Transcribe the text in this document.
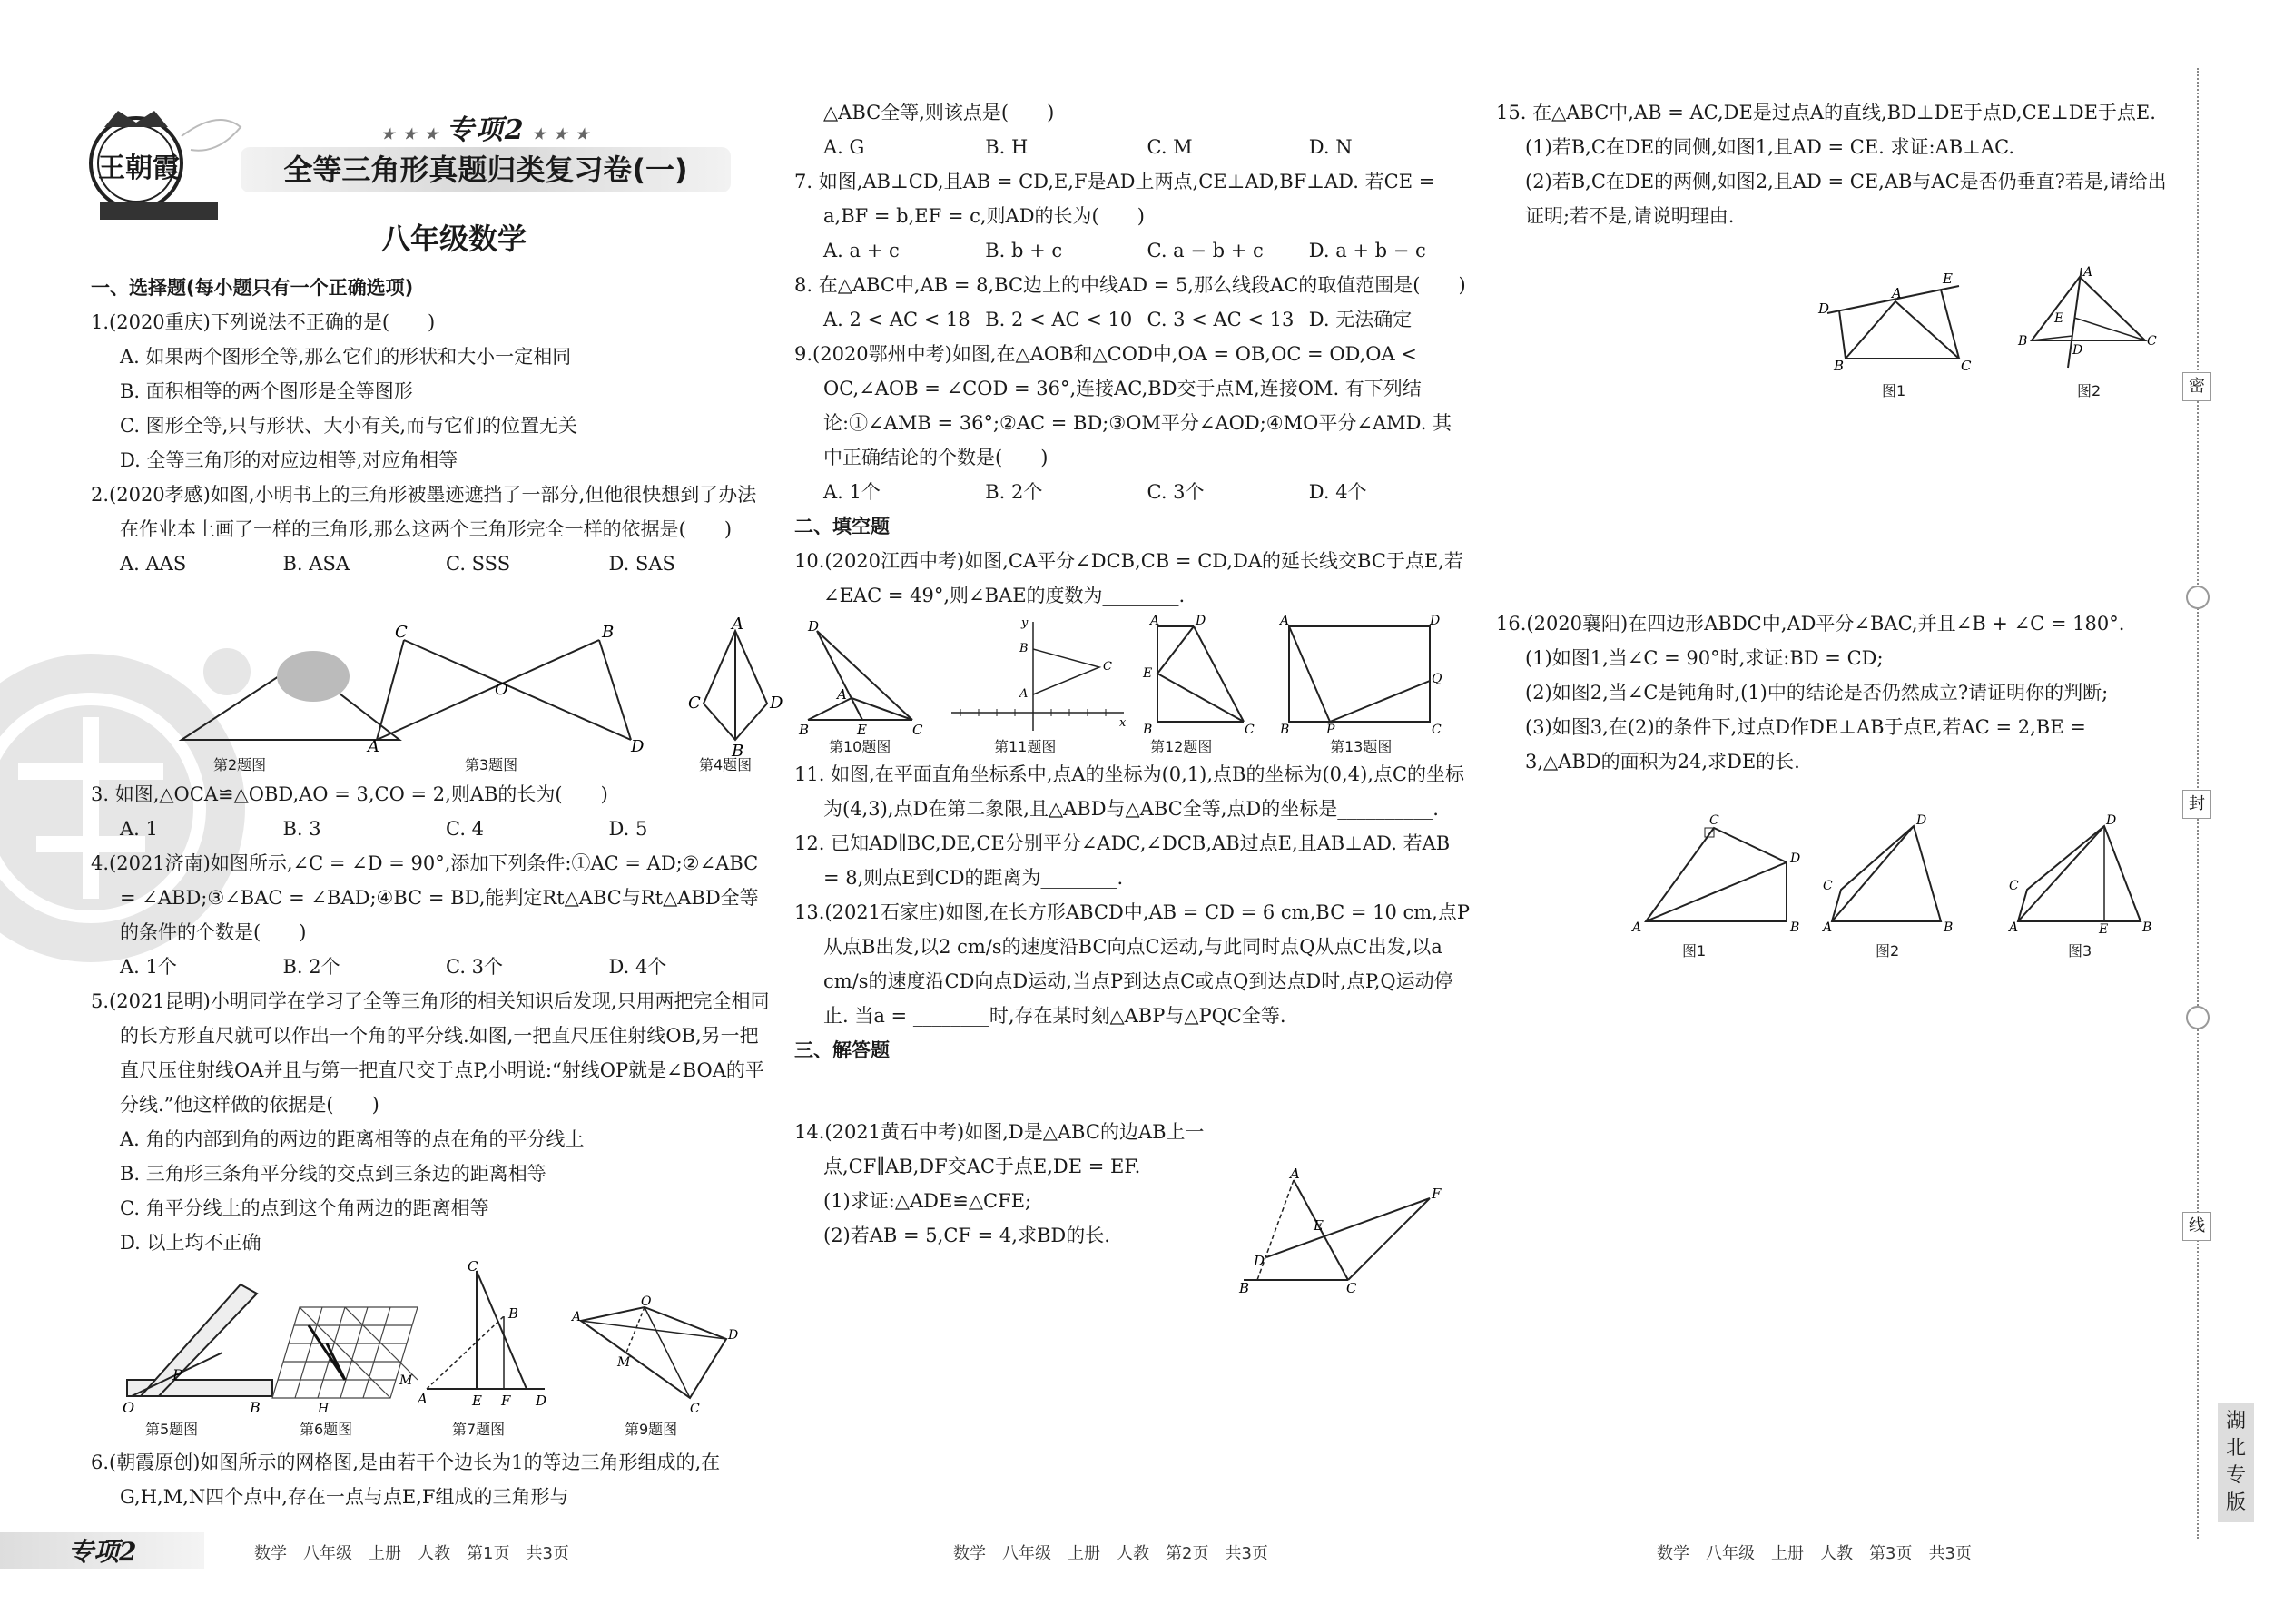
王朝霞
★ ★ ★ 专项2 ★ ★ ★
全等三角形真题归类复习卷(一)
八年级数学

一、选择题(每小题只有一个正确选项)

1.(2020重庆)下列说法不正确的是(　　)

A. 如果两个图形全等,那么它们的形状和大小一定相同

B. 面积相等的两个图形是全等图形

C. 图形全等,只与形状、大小有关,而与它们的位置无关

D. 全等三角形的对应边相等,对应角相等

2.(2020孝感)如图,小明书上的三角形被墨迹遮挡了一部分,但他很快想到了办法在作业本上画了一样的三角形,那么这两个三角形完全一样的依据是(　　)

A. AAS	B. ASA	C. SSS	D. SAS
第2题图
C	B
A	D
O
第3题图
A
C	D
B
第4题图

3. 如图,△OCA≌△OBD,AO = 3,CO = 2,则AB的长为(　　)

A. 1	B. 3	C. 4	D. 5

4.(2021济南)如图所示,∠C = ∠D = 90°,添加下列条件:①AC = AD;②∠ABC = ∠ABD;③∠BAC = ∠BAD;④BC = BD,能判定Rt△ABC与Rt△ABD全等的条件的个数是(　　)

A. 1个	B. 2个	C. 3个	D. 4个

5.(2021昆明)小明同学在学习了全等三角形的相关知识后发现,只用两把完全相同的长方形直尺就可以作出一个角的平分线.如图,一把直尺压住射线OB,另一把直尺压住射线OA并且与第一把直尺交于点P,小明说:“射线OP就是∠BOA的平分线.”他这样做的依据是(　　)

A. 角的内部到角的两边的距离相等的点在角的平分线上

B. 三角形三条角平分线的交点到三条边的距离相等

C. 角平分线上的点到这个角两边的距离相等

D. 以上均不正确

O	B
P
第5题图
H
M
第6题图
C
A	E F D
B
第7题图
A
O
D
C
M
第9题图

6.(朝霞原创)如图所示的网格图,是由若干个边长为1的等边三角形组成的,在G,H,M,N四个点中,存在一点与点E,F组成的三角形与

△ABC全等,则该点是(　　)

A. G	B. H	C. M	D. N

7. 如图,AB⊥CD,且AB = CD,E,F是AD上两点,CE⊥AD,BF⊥AD. 若CE = a,BF = b,EF = c,则AD的长为(　　)

A. a + c	B. b + c	C. a − b + c	D. a + b − c

8. 在△ABC中,AB = 8,BC边上的中线AD = 5,那么线段AC的取值范围是(　　)

A. 2 < AC < 18 B. 2 < AC < 10 C. 3 < AC < 13 D. 无法确定

9.(2020鄂州中考)如图,在△AOB和△COD中,OA = OB,OC = OD,OA < OC,∠AOB = ∠COD = 36°,连接AC,BD交于点M,连接OM. 有下列结论:①∠AMB = 36°;②AC = BD;③OM平分∠AOD;④MO平分∠AMD. 其中正确结论的个数是(　　)

A. 1个	B. 2个	C. 3个	D. 4个

二、填空题

10.(2020江西中考)如图,CA平分∠DCB,CB = CD,DA的延长线交BC于点E,若∠EAC = 49°,则∠BAE的度数为________.

D
A
B	E	C
第10题图
y
x
B
A
C
第11题图
A	D
E
B	C
第12题图
A	D
B	P	C
Q
第13题图

11. 如图,在平面直角坐标系中,点A的坐标为(0,1),点B的坐标为(0,4),点C的坐标为(4,3),点D在第二象限,且△ABD与△ABC全等,点D的坐标是__________.

12. 已知AD∥BC,DE,CE分别平分∠ADC,∠DCB,AB过点E,且AB⊥AD. 若AB = 8,则点E到CD的距离为________.

13.(2021石家庄)如图,在长方形ABCD中,AB = CD = 6 cm,BC = 10 cm,点P从点B出发,以2 cm/s的速度沿BC向点C运动,与此同时点Q从点C出发,以a cm/s的速度沿CD向点D运动,当点P到达点C或点Q到达点D时,点P,Q运动停止. 当a = ________时,存在某时刻△ABP与△PQC全等.

三、解答题

14.(2021黄石中考)如图,D是△ABC的边AB上一点,CF∥AB,DF交AC于点E,DE = EF.

(1)求证:△ADE≌△CFE;

(2)若AB = 5,CF = 4,求BD的长.

A
F
E
D
B	C

15. 在△ABC中,AB = AC,DE是过点A的直线,BD⊥DE于点D,CE⊥DE于点E.

(1)若B,C在DE的同侧,如图1,且AD = CE. 求证:AB⊥AC.

(2)若B,C在DE的两侧,如图2,且AD = CE,AB与AC是否仍垂直?若是,请给出证明;若不是,请说明理由.

D
A
E
B	C
图1
A
E
B	C
D
图2

16.(2020襄阳)在四边形ABDC中,AD平分∠BAC,并且∠B + ∠C = 180°.

(1)如图1,当∠C = 90°时,求证:BD = CD;

(2)如图2,当∠C是钝角时,(1)中的结论是否仍然成立?请证明你的判断;

(3)如图3,在(2)的条件下,过点D作DE⊥AB于点E,若AC = 2,BE = 3,△ABD的面积为24,求DE的长.

C
D
A	B
图1
D
C
A	B
图2
D
C
A	E	B
图3
密
封
线
湖北专版
专项2	数学　八年级　上册　人教　第1页　共3页	数学　八年级　上册　人教　第2页　共3页	数学　八年级　上册　人教　第3页　共3页
